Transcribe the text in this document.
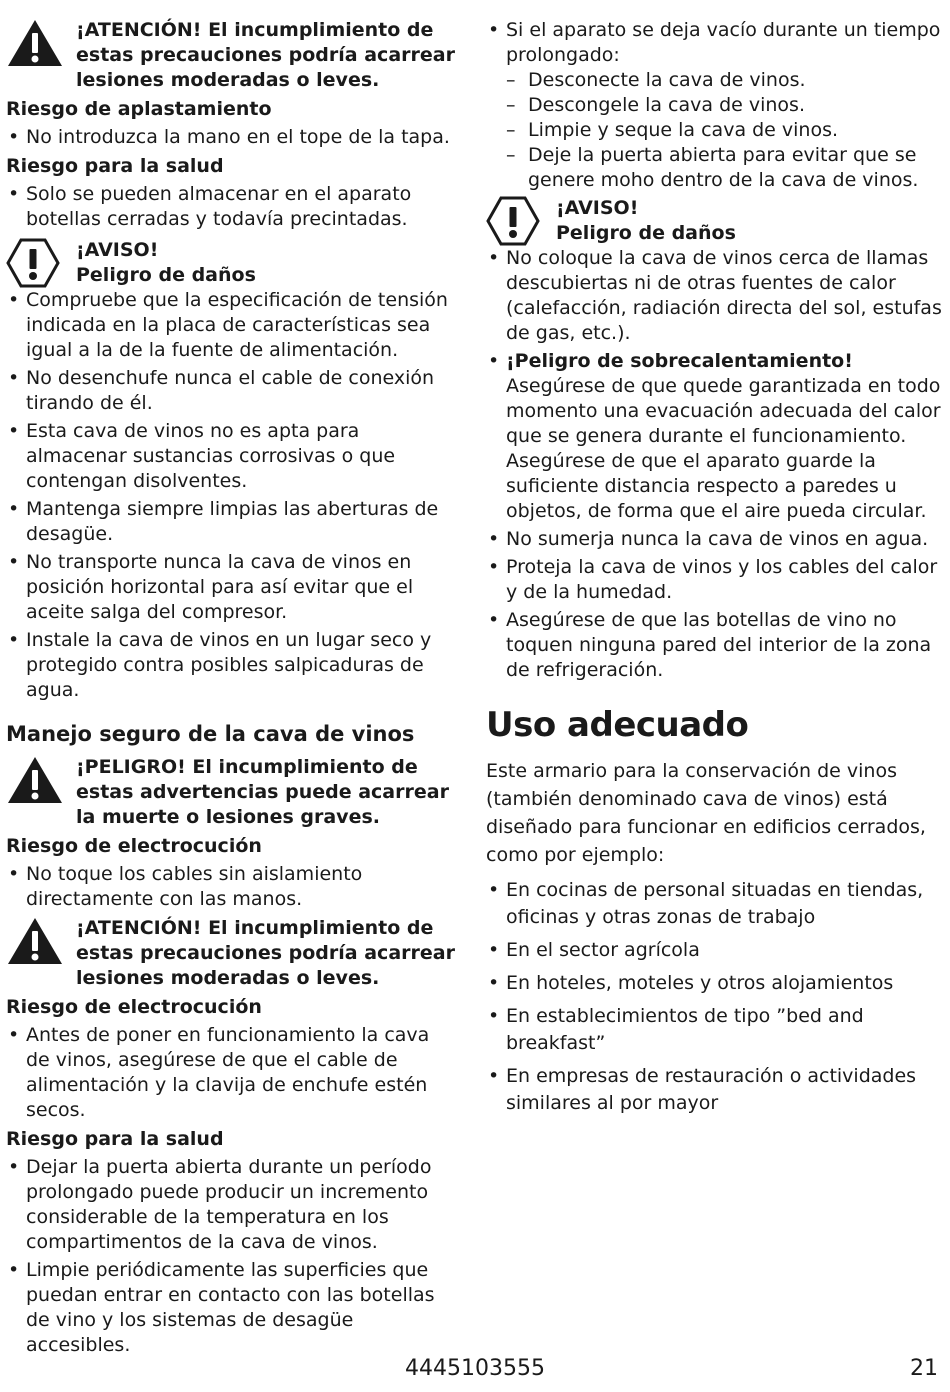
¡ATENCIÓN! El incumplimiento de estas precauciones podría acarrear lesiones moderadas o leves.
Riesgo de aplastamiento
• No introduzca la mano en el tope de la tapa.
Riesgo para la salud
• Solo se pueden almacenar en el aparato botellas cerradas y todavía precintadas.
¡AVISO!
Peligro de daños
• Compruebe que la especificación de tensión indicada en la placa de características sea igual a la de la fuente de alimentación.
• No desenchufe nunca el cable de conexión tirando de él.
• Esta cava de vinos no es apta para almacenar sustancias corrosivas o que contengan disolventes.
• Mantenga siempre limpias las aberturas de desagüe.
• No transporte nunca la cava de vinos en posición horizontal para así evitar que el aceite salga del compresor.
• Instale la cava de vinos en un lugar seco y protegido contra posibles salpicaduras de agua.
Manejo seguro de la cava de vinos
¡PELIGRO! El incumplimiento de estas advertencias puede acarrear la muerte o lesiones graves.
Riesgo de electrocución
• No toque los cables sin aislamiento directamente con las manos.
¡ATENCIÓN! El incumplimiento de estas precauciones podría acarrear lesiones moderadas o leves.
Riesgo de electrocución
• Antes de poner en funcionamiento la cava de vinos, asegúrese de que el cable de alimentación y la clavija de enchufe estén secos.
Riesgo para la salud
• Dejar la puerta abierta durante un período prolongado puede producir un incremento considerable de la temperatura en los compartimentos de la cava de vinos.
• Limpie periódicamente las superficies que puedan entrar en contacto con las botellas de vino y los sistemas de desagüe accesibles.
• Si el aparato se deja vacío durante un tiempo prolongado:
– Desconecte la cava de vinos.
– Descongele la cava de vinos.
– Limpie y seque la cava de vinos.
– Deje la puerta abierta para evitar que se genere moho dentro de la cava de vinos.
¡AVISO!
Peligro de daños
• No coloque la cava de vinos cerca de llamas descubiertas ni de otras fuentes de calor (calefacción, radiación directa del sol, estufas de gas, etc.).
• ¡Peligro de sobrecalentamiento!
Asegúrese de que quede garantizada en todo momento una evacuación adecuada del calor que se genera durante el funcionamiento. Asegúrese de que el aparato guarde la suficiente distancia respecto a paredes u objetos, de forma que el aire pueda circular.
• No sumerja nunca la cava de vinos en agua.
• Proteja la cava de vinos y los cables del calor y de la humedad.
• Asegúrese de que las botellas de vino no toquen ninguna pared del interior de la zona de refrigeración.
Uso adecuado
Este armario para la conservación de vinos (también denominado cava de vinos) está diseñado para funcionar en edificios cerrados, como por ejemplo:
• En cocinas de personal situadas en tiendas, oficinas y otras zonas de trabajo
• En el sector agrícola
• En hoteles, moteles y otros alojamientos
• En establecimientos de tipo ”bed and breakfast”
• En empresas de restauración o actividades similares al por mayor
4445103555	21
